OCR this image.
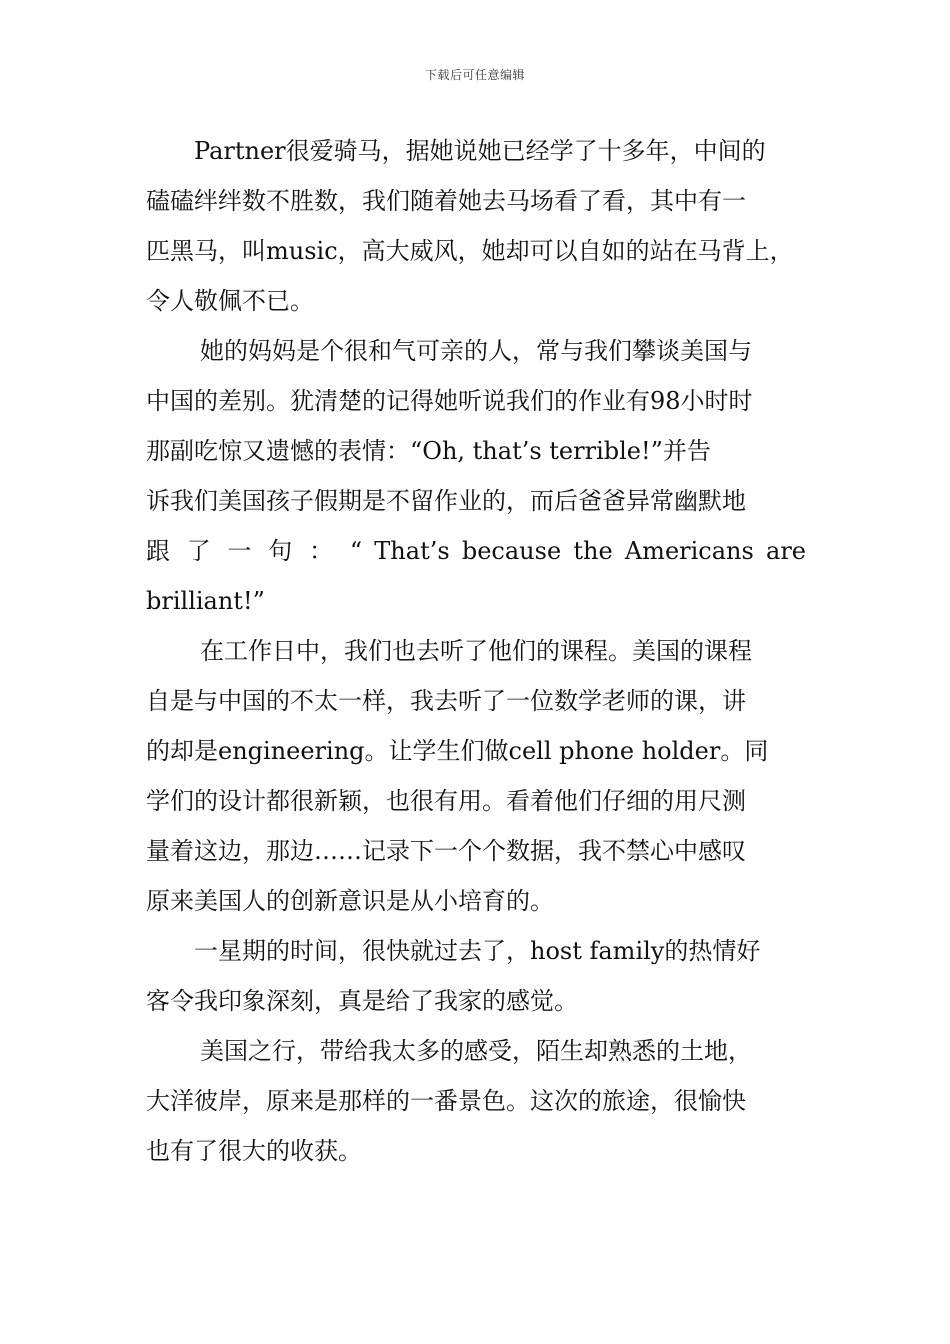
下载后可任意编辑
Partner很爱骑马，据她说她已经学了十多年，中间的
磕磕绊绊数不胜数，我们随着她去马场看了看，其中有一
匹黑马，叫music，高大威风，她却可以自如的站在马背上，
令人敬佩不已。
她的妈妈是个很和气可亲的人，常与我们攀谈美国与
中国的差别。犹清楚的记得她听说我们的作业有98小时时
那副吃惊又遗憾的表情：“Oh, that’s terrible!”并告
诉我们美国孩子假期是不留作业的，而后爸爸异常幽默地
跟 了 一 句 ： “ That’s because the Americans are
brilliant!”
在工作日中，我们也去听了他们的课程。美国的课程
自是与中国的不太一样，我去听了一位数学老师的课，讲
的却是engineering。让学生们做cell phone holder。同
学们的设计都很新颖，也很有用。看着他们仔细的用尺测
量着这边，那边……记录下一个个数据，我不禁心中感叹
原来美国人的创新意识是从小培育的。
一星期的时间，很快就过去了，host family的热情好
客令我印象深刻，真是给了我家的感觉。
美国之行，带给我太多的感受，陌生却熟悉的土地，
大洋彼岸，原来是那样的一番景色。这次的旅途，很愉快
也有了很大的收获。
